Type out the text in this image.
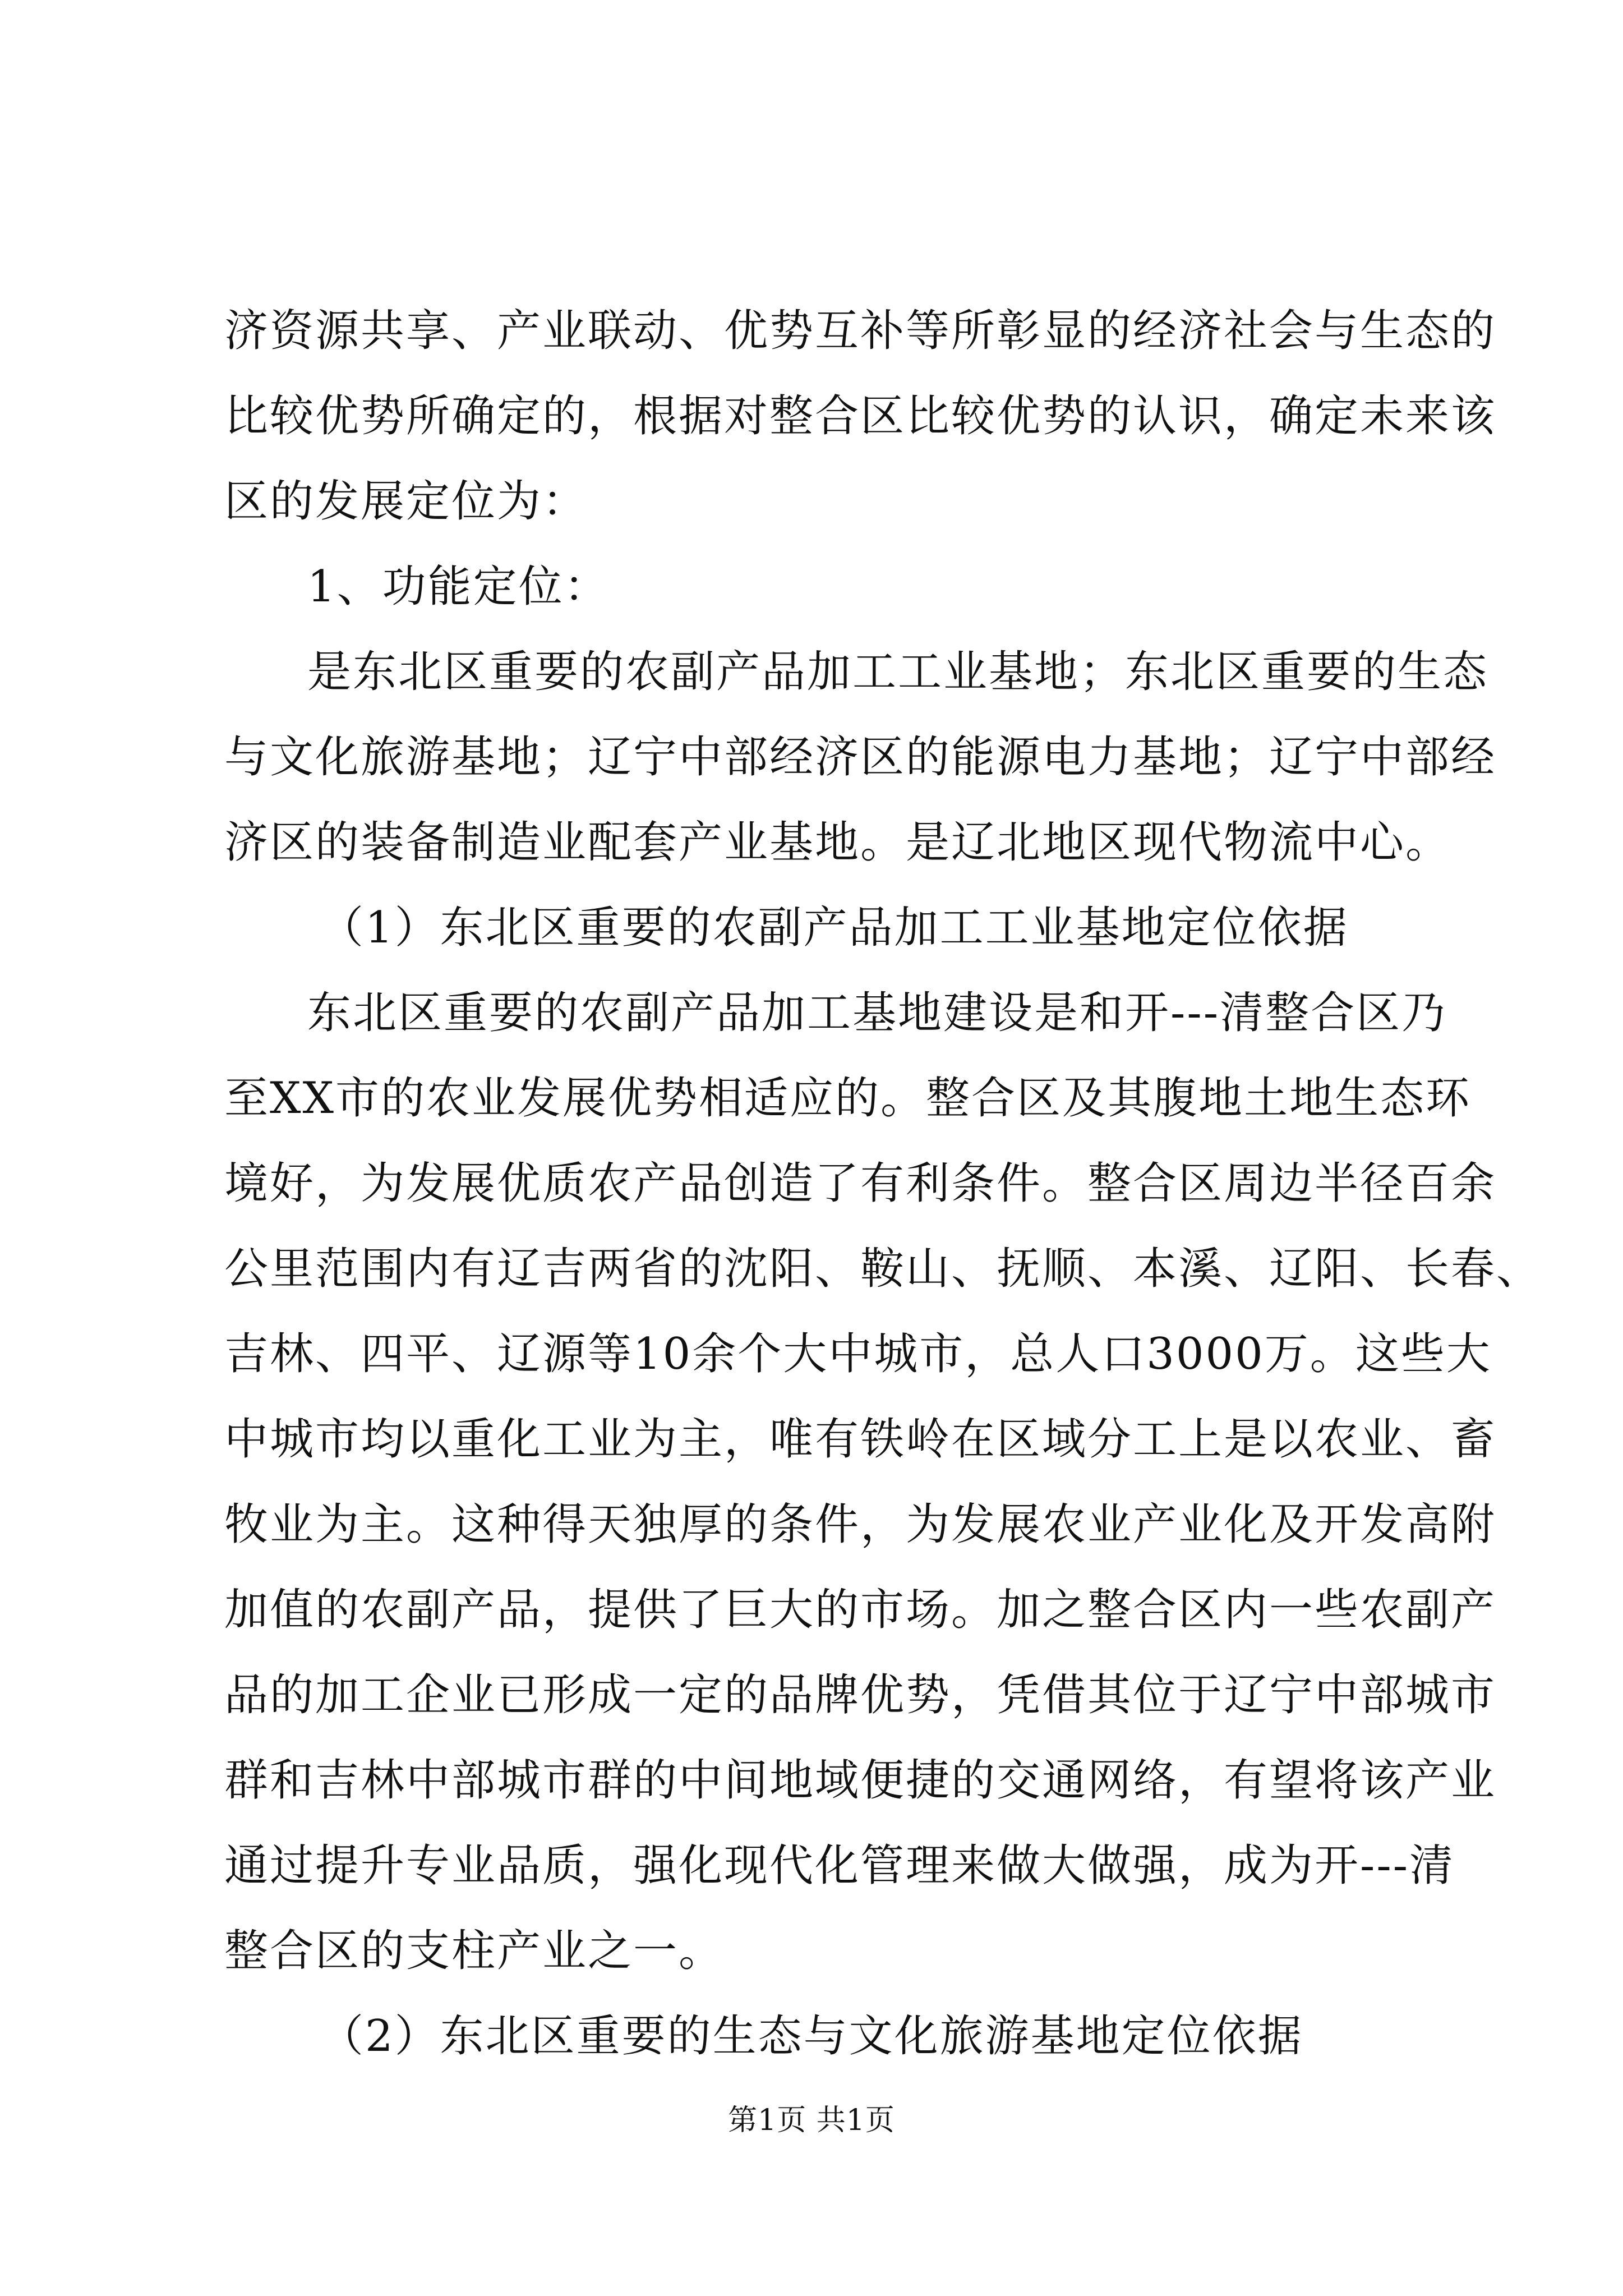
济资源共享、产业联动、优势互补等所彰显的经济社会与生态的
比较优势所确定的，根据对整合区比较优势的认识，确定未来该
区的发展定位为：
1、功能定位：
是东北区重要的农副产品加工工业基地；东北区重要的生态
与文化旅游基地；辽宁中部经济区的能源电力基地；辽宁中部经
济区的装备制造业配套产业基地。是辽北地区现代物流中心。
（1）东北区重要的农副产品加工工业基地定位依据
东北区重要的农副产品加工基地建设是和开---清整合区乃
至XX市的农业发展优势相适应的。整合区及其腹地土地生态环
境好，为发展优质农产品创造了有利条件。整合区周边半径百余
公里范围内有辽吉两省的沈阳、鞍山、抚顺、本溪、辽阳、长春、
吉林、四平、辽源等10余个大中城市，总人口3000万。这些大
中城市均以重化工业为主，唯有铁岭在区域分工上是以农业、畜
牧业为主。这种得天独厚的条件，为发展农业产业化及开发高附
加值的农副产品，提供了巨大的市场。加之整合区内一些农副产
品的加工企业已形成一定的品牌优势，凭借其位于辽宁中部城市
群和吉林中部城市群的中间地域便捷的交通网络，有望将该产业
通过提升专业品质，强化现代化管理来做大做强，成为开---清
整合区的支柱产业之一。
（2）东北区重要的生态与文化旅游基地定位依据
第1页 共1页
